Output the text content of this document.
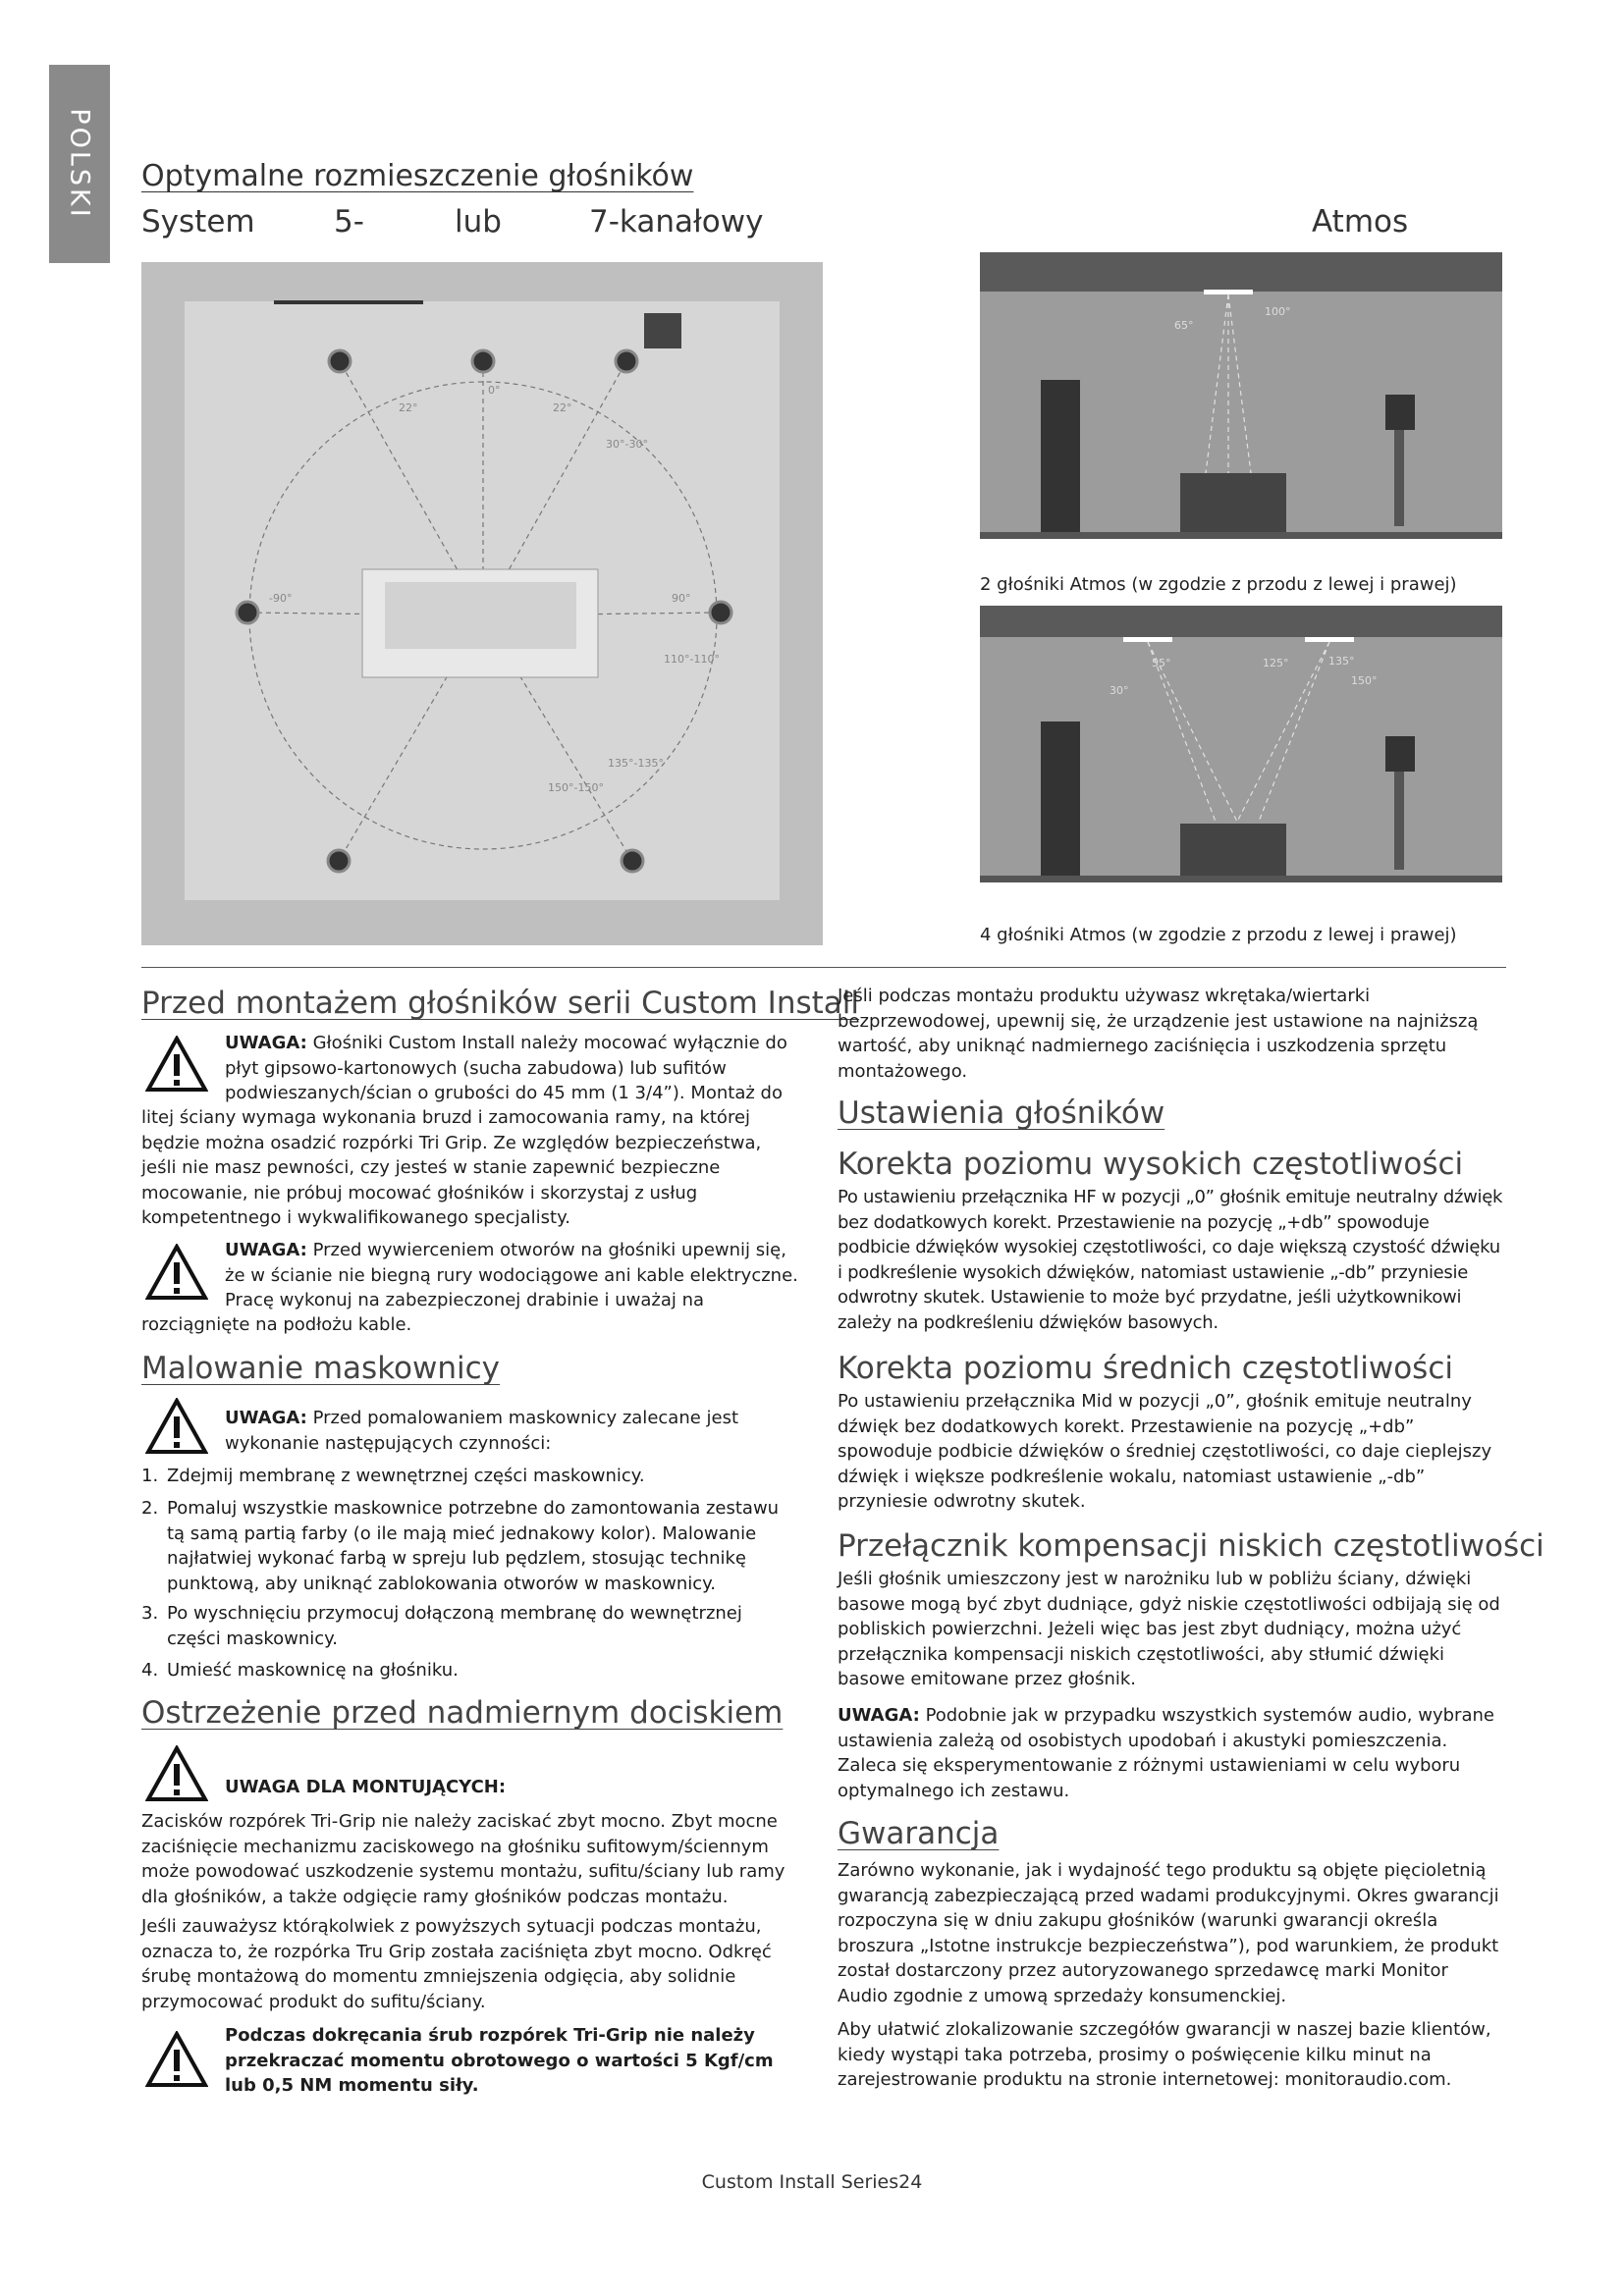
POLSKI Optymalne rozmieszczenie głośników
System	5-	lub	7-kanałowy	Atmos
0°
22°	22°
30°-30°
-90°	90°
110°-110°
135°-135°
150°-150°
65°
100°
2 głośniki Atmos (w zgodzie z przodu z lewej i prawej)
30°
55°	125°	135°
150°
4 głośniki Atmos (w zgodzie z przodu z lewej i prawej)
Przed montażem głośników serii Custom Install
UWAGA: Głośniki Custom Install należy mocować wyłącznie do
płyt gipsowo-kartonowych (sucha zabudowa) lub sufitów
podwieszanych/ścian o grubości do 45 mm (1 3/4”). Montaż do
litej ściany wymaga wykonania bruzd i zamocowania ramy, na której będzie można osadzić rozpórki Tri Grip. Ze względów bezpieczeństwa, jeśli nie masz pewności, czy jesteś w stanie zapewnić bezpieczne mocowanie, nie próbuj mocować głośników i skorzystaj z usług kompetentnego i wykwalifikowanego specjalisty.
UWAGA: Przed wywierceniem otworów na głośniki upewnij się,
że w ścianie nie biegną rury wodociągowe ani kable elektryczne.
Pracę wykonuj na zabezpieczonej drabinie i uważaj na
rozciągnięte na podłożu kable.
Malowanie maskownicy
UWAGA: Przed pomalowaniem maskownicy zalecane jest
wykonanie następujących czynności:
1. Zdejmij membranę z wewnętrznej części maskownicy.
2. Pomaluj wszystkie maskownice potrzebne do zamontowania zestawu tą samą partią farby (o ile mają mieć jednakowy kolor). Malowanie najłatwiej wykonać farbą w spreju lub pędzlem, stosując technikę punktową, aby uniknąć zablokowania otworów w maskownicy.
3. Po wyschnięciu przymocuj dołączoną membranę do wewnętrznej części maskownicy.
4. Umieść maskownicę na głośniku.
Ostrzeżenie przed nadmiernym dociskiem
UWAGA DLA MONTUJĄCYCH:
Zacisków rozpórek Tri-Grip nie należy zaciskać zbyt mocno. Zbyt mocne zaciśnięcie mechanizmu zaciskowego na głośniku sufitowym/ściennym może powodować uszkodzenie systemu montażu, sufitu/ściany lub ramy dla głośników, a także odgięcie ramy głośników podczas montażu.
Jeśli zauważysz którąkolwiek z powyższych sytuacji podczas montażu, oznacza to, że rozpórka Tru Grip została zaciśnięta zbyt mocno. Odkręć śrubę montażową do momentu zmniejszenia odgięcia, aby solidnie przymocować produkt do sufitu/ściany.
Podczas dokręcania śrub rozpórek Tri-Grip nie należy przekraczać momentu obrotowego o wartości 5 Kgf/cm lub 0,5 NM momentu siły.
Jeśli podczas montażu produktu używasz wkrętaka/wiertarki bezprzewodowej, upewnij się, że urządzenie jest ustawione na najniższą wartość, aby uniknąć nadmiernego zaciśnięcia i uszkodzenia sprzętu montażowego.
Ustawienia głośników
Korekta poziomu wysokich częstotliwości
Po ustawieniu przełącznika HF w pozycji „0” głośnik emituje neutralny dźwięk bez dodatkowych korekt. Przestawienie na pozycję „+db” spowoduje podbicie dźwięków wysokiej częstotliwości, co daje większą czystość dźwięku i podkreślenie wysokich dźwięków, natomiast ustawienie „-db” przyniesie odwrotny skutek. Ustawienie to może być przydatne, jeśli użytkownikowi zależy na podkreśleniu dźwięków basowych.
Korekta poziomu średnich częstotliwości
Po ustawieniu przełącznika Mid w pozycji „0”, głośnik emituje neutralny dźwięk bez dodatkowych korekt. Przestawienie na pozycję „+db” spowoduje podbicie dźwięków o średniej częstotliwości, co daje cieplejszy dźwięk i większe podkreślenie wokalu, natomiast ustawienie „-db” przyniesie odwrotny skutek.
Przełącznik kompensacji niskich częstotliwości
Jeśli głośnik umieszczony jest w narożniku lub w pobliżu ściany, dźwięki basowe mogą być zbyt dudniące, gdyż niskie częstotliwości odbijają się od pobliskich powierzchni. Jeżeli więc bas jest zbyt dudniący, można użyć przełącznika kompensacji niskich częstotliwości, aby stłumić dźwięki basowe emitowane przez głośnik.
UWAGA: Podobnie jak w przypadku wszystkich systemów audio, wybrane ustawienia zależą od osobistych upodobań i akustyki pomieszczenia. Zaleca się eksperymentowanie z różnymi ustawieniami w celu wyboru optymalnego ich zestawu.
Gwarancja
Zarówno wykonanie, jak i wydajność tego produktu są objęte pięcioletnią gwarancją zabezpieczającą przed wadami produkcyjnymi. Okres gwarancji rozpoczyna się w dniu zakupu głośników (warunki gwarancji określa broszura „Istotne instrukcje bezpieczeństwa”), pod warunkiem, że produkt został dostarczony przez autoryzowanego sprzedawcę marki Monitor Audio zgodnie z umową sprzedaży konsumenckiej.
Aby ułatwić zlokalizowanie szczegółów gwarancji w naszej bazie klientów, kiedy wystąpi taka potrzeba, prosimy o poświęcenie kilku minut na zarejestrowanie produktu na stronie internetowej: monitoraudio.com.
Custom Install Series24
